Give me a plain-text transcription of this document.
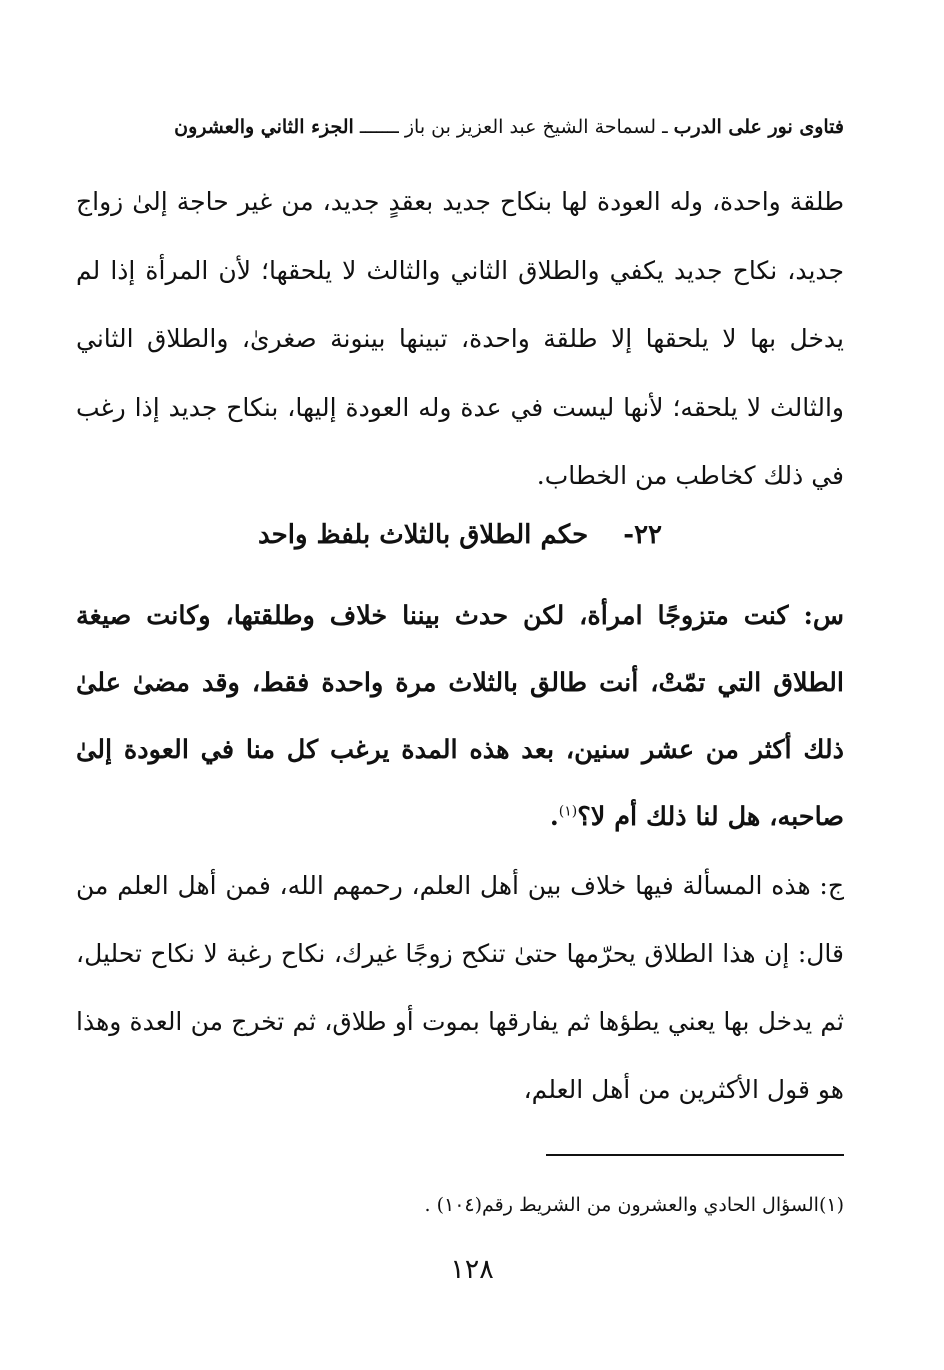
فتاوى نور على الدرب
ـ لسماحة الشيخ عبد العزيز بن باز ـــــــ
الجزء الثاني والعشرون

طلقة واحدة، وله العودة لها بنكاح جديد بعقدٍ جديد، من غير حاجة إلىٰ زواج جديد، نكاح جديد يكفي والطلاق الثاني والثالث لا يلحقها؛ لأن المرأة إذا لم يدخل بها لا يلحقها إلا طلقة واحدة، تبينها بينونة صغرىٰ، والطلاق الثاني والثالث لا يلحقه؛ لأنها ليست في عدة وله العودة إليها، بنكاح جديد إذا رغب في ذلك كخاطب من الخطاب.

٢٢- حكم الطلاق بالثلاث بلفظ واحد

س: كنت متزوجًا امرأة، لكن حدث بيننا خلاف وطلقتها، وكانت صيغة الطلاق التي تمّتْ، أنت طالق بالثلاث مرة واحدة فقط، وقد مضىٰ علىٰ ذلك أكثر من عشر سنين، بعد هذه المدة يرغب كل منا في العودة إلىٰ صاحبه، هل لنا ذلك أم لا؟$^{(١)}$.

ج: هذه المسألة فيها خلاف بين أهل العلم، رحمهم الله، فمن أهل العلم من قال: إن هذا الطلاق يحرّمها حتىٰ تنكح زوجًا غيرك، نكاح رغبة لا نكاح تحليل، ثم يدخل بها يعني يطؤها ثم يفارقها بموت أو طلاق، ثم تخرج من العدة وهذا هو قول الأكثرين من أهل العلم،

(١)السؤال الحادي والعشرون من الشريط رقم(١٠٤) .

١٢٨
